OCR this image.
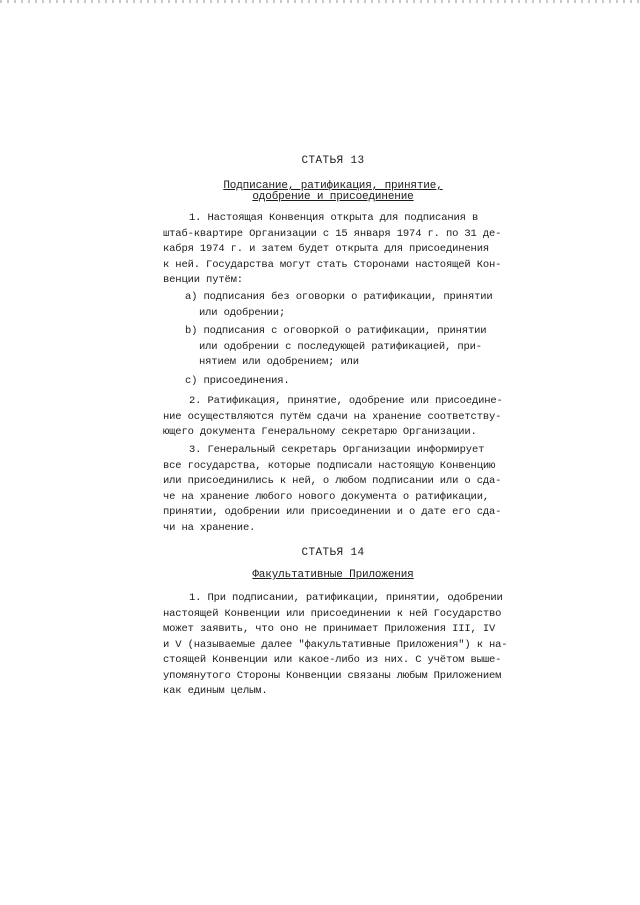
СТАТЬЯ 13
Подписание, ратификация, принятие,
одобрение и присоединение
1. Настоящая Конвенция открыта для подписания в
штаб-квартире Организации с 15 января 1974 г. по 31 де-
кабря 1974 г. и затем будет открыта для присоединения
к ней. Государства могут стать Сторонами настоящей Кон-
венции путём:
a) подписания без оговорки о ратификации, принятии
или одобрении;
b) подписания с оговоркой о ратификации, принятии
или одобрении с последующей ратификацией, при-
нятием или одобрением; или
c) присоединения.
2. Ратификация, принятие, одобрение или присоедине-
ние осуществляются путём сдачи на хранение соответству-
ющего документа Генеральному секретарю Организации.
3. Генеральный секретарь Организации информирует
все государства, которые подписали настоящую Конвенцию
или присоединились к ней, о любом подписании или о сда-
че на хранение любого нового документа о ратификации,
принятии, одобрении или присоединении и о дате его сда-
чи на хранение.
СТАТЬЯ 14
Факультативные Приложения
1. При подписании, ратификации, принятии, одобрении
настоящей Конвенции или присоединении к ней Государство
может заявить, что оно не принимает Приложения III, IV
и V (называемые далее "факультативные Приложения") к на-
стоящей Конвенции или какое-либо из них. С учётом выше-
упомянутого Стороны Конвенции связаны любым Приложением
как единым целым.
